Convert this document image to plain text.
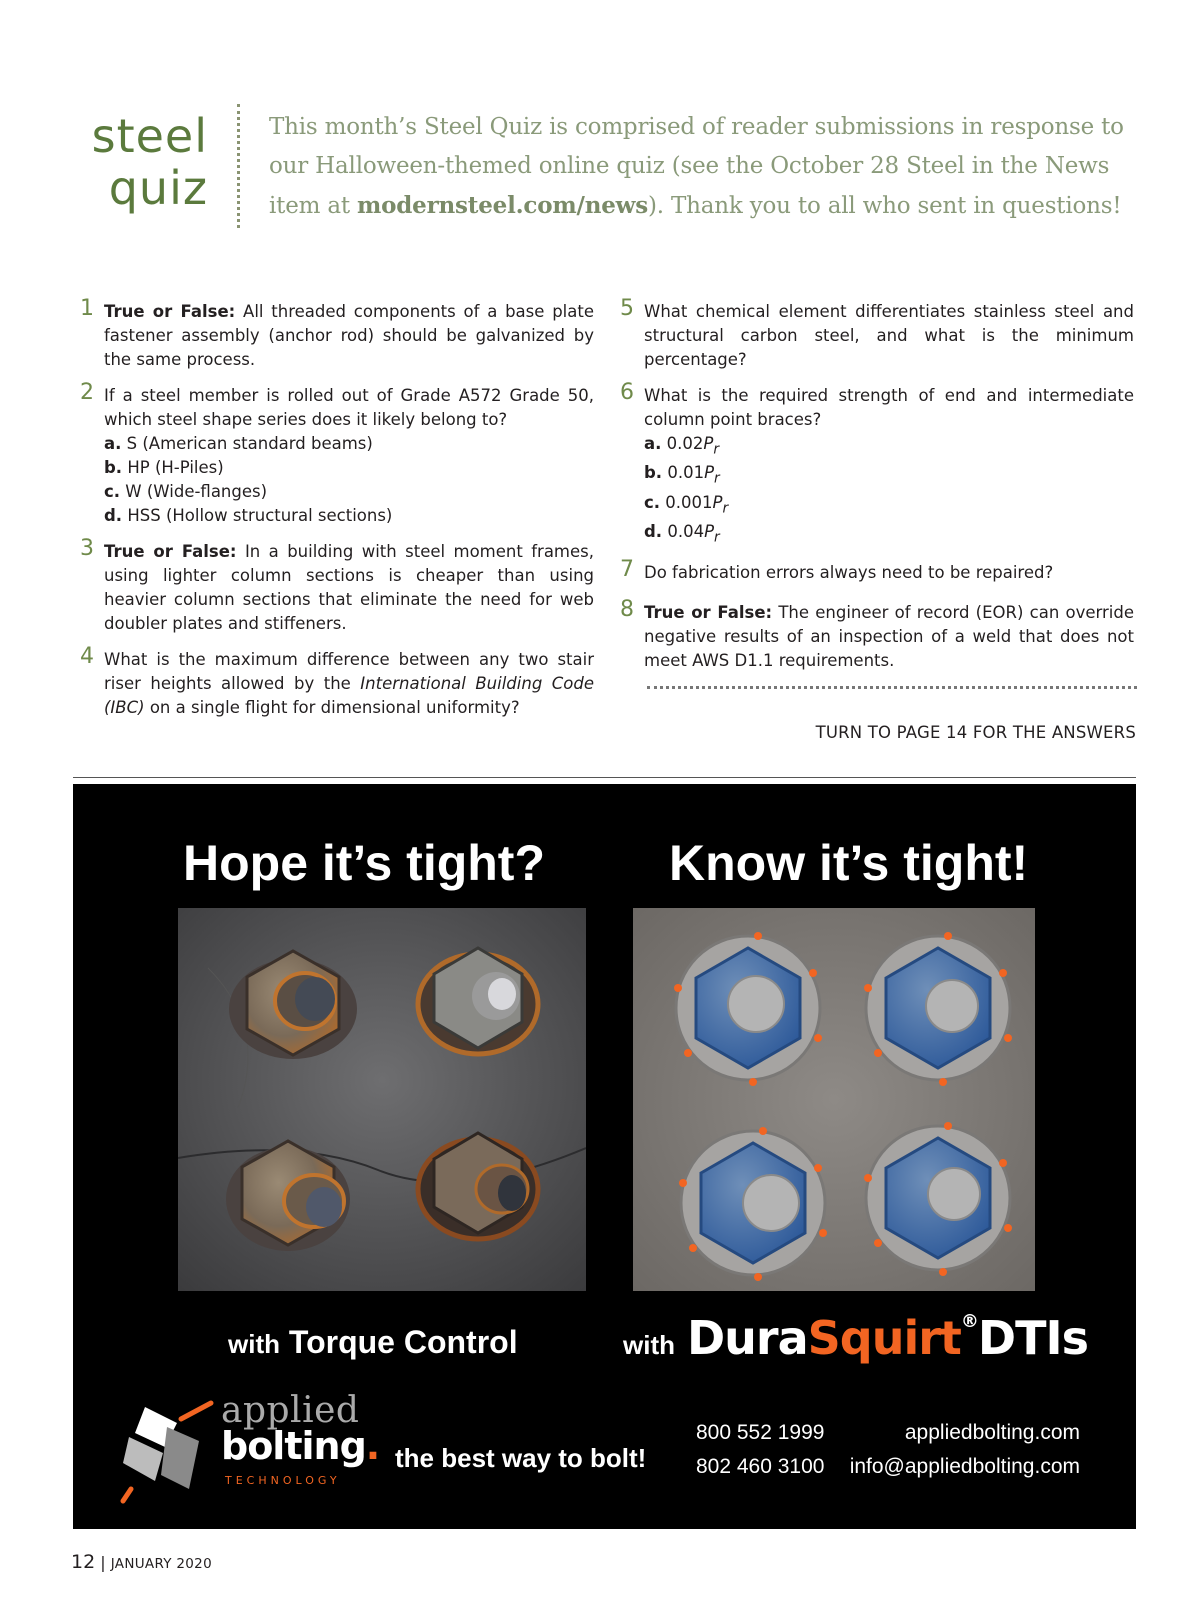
steel
quiz
This month’s Steel Quiz is comprised of reader submissions in response to our Halloween-themed online quiz (see the October 28 Steel in the News item at modernsteel.com/news). Thank you to all who sent in questions!
1 True or False: All threaded components of a base plate fastener assembly (anchor rod) should be galvanized by the same process.
2 If a steel member is rolled out of Grade A572 Grade 50, which steel shape series does it likely belong to?
a. S (American standard beams)
b. HP (H-Piles)
c. W (Wide-flanges)
d. HSS (Hollow structural sections)
3 True or False: In a building with steel moment frames, using lighter column sections is cheaper than using heavier column sections that eliminate the need for web doubler plates and stiffeners.
4 What is the maximum difference between any two stair riser heights allowed by the International Building Code (IBC) on a single flight for dimensional uniformity?
5 What chemical element differentiates stainless steel and structural carbon steel, and what is the minimum percentage?
6 What is the required strength of end and intermediate column point braces?
a. $0.02P_r$
b. $0.01P_r$
c. $0.001P_r$
d. $0.04P_r$
7 Do fabrication errors always need to be repaired?
8 True or False: The engineer of record (EOR) can override negative results of an inspection of a weld that does not meet AWS D1.1 requirements.
TURN TO PAGE 14 FOR THE ANSWERS
Hope it’s tight? Know it’s tight!
with Torque Control	with DuraSquirt®DTIs
applied
bolting.
TECHNOLOGY
the best way to bolt!
800 552 1999
802 460 3100
appliedbolting.com
info@appliedbolting.com
12 | JANUARY 2020
